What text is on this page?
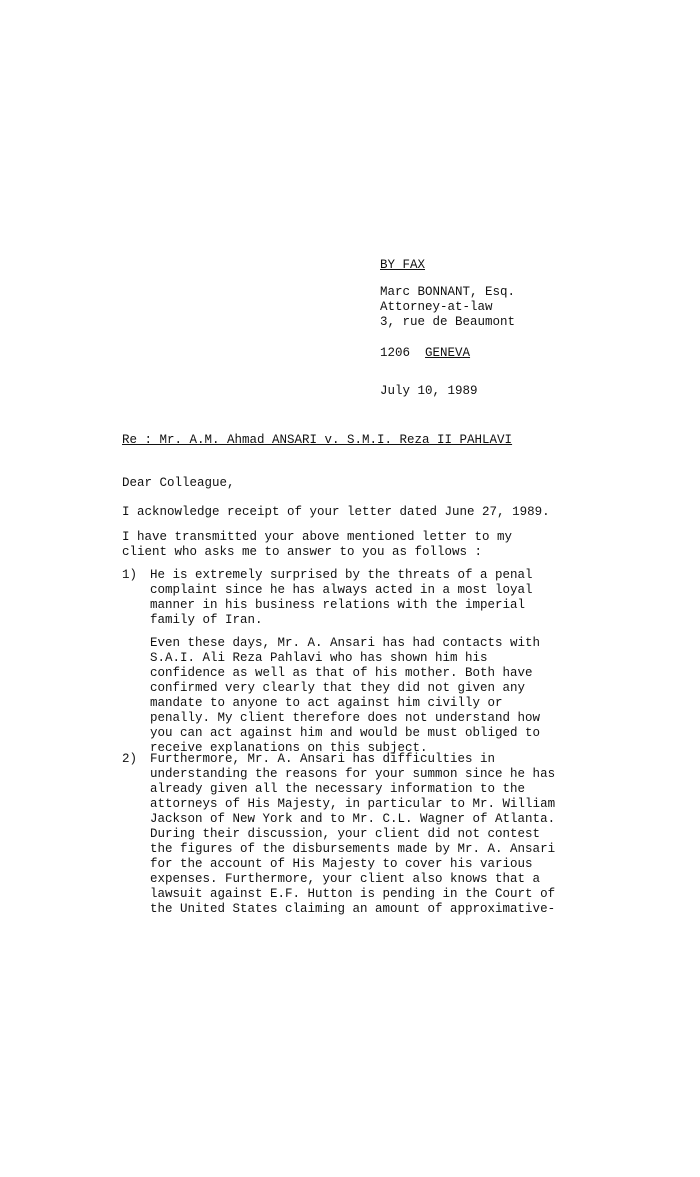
BY FAX
Marc BONNANT, Esq.
Attorney-at-law
3, rue de Beaumont
1206 GENEVA
July 10, 1989
Re : Mr. A.M. Ahmad ANSARI v. S.M.I. Reza II PAHLAVI
Dear Colleague,
I acknowledge receipt of your letter dated June 27, 1989.
I have transmitted your above mentioned letter to my
client who asks me to answer to you as follows :
1) He is extremely surprised by the threats of a penal
complaint since he has always acted in a most loyal
manner in his business relations with the imperial
family of Iran.
Even these days, Mr. A. Ansari has had contacts with
S.A.I. Ali Reza Pahlavi who has shown him his
confidence as well as that of his mother. Both have
confirmed very clearly that they did not given any
mandate to anyone to act against him civilly or
penally. My client therefore does not understand how
you can act against him and would be must obliged to
receive explanations on this subject.
2) Furthermore, Mr. A. Ansari has difficulties in
understanding the reasons for your summon since he has
already given all the necessary information to the
attorneys of His Majesty, in particular to Mr. William
Jackson of New York and to Mr. C.L. Wagner of Atlanta.
During their discussion, your client did not contest
the figures of the disbursements made by Mr. A. Ansari
for the account of His Majesty to cover his various
expenses. Furthermore, your client also knows that a
lawsuit against E.F. Hutton is pending in the Court of
the United States claiming an amount of approximative-
